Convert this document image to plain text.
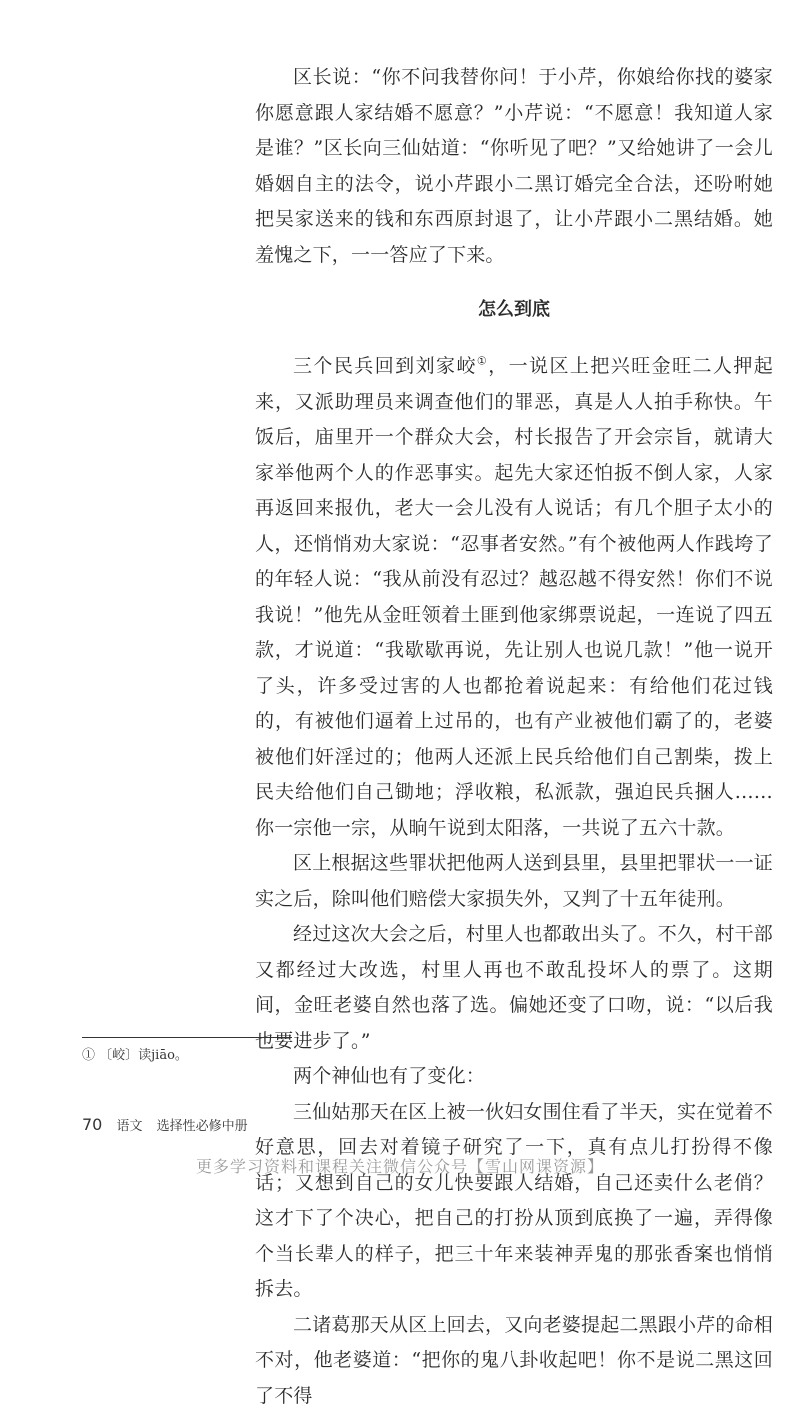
区长说：“你不问我替你问！于小芹，你娘给你找的婆家你愿意跟人家结婚不愿意？”小芹说：“不愿意！我知道人家是谁？”区长向三仙姑道：“你听见了吧？”又给她讲了一会儿婚姻自主的法令，说小芹跟小二黑订婚完全合法，还吩咐她把吴家送来的钱和东西原封退了，让小芹跟小二黑结婚。她羞愧之下，一一答应了下来。

怎么到底

三个民兵回到刘家峧①，一说区上把兴旺金旺二人押起来，又派助理员来调查他们的罪恶，真是人人拍手称快。午饭后，庙里开一个群众大会，村长报告了开会宗旨，就请大家举他两个人的作恶事实。起先大家还怕扳不倒人家，人家再返回来报仇，老大一会儿没有人说话；有几个胆子太小的人，还悄悄劝大家说：“忍事者安然。”有个被他两人作践垮了的年轻人说：“我从前没有忍过？越忍越不得安然！你们不说我说！”他先从金旺领着土匪到他家绑票说起，一连说了四五款，才说道：“我歇歇再说，先让别人也说几款！”他一说开了头，许多受过害的人也都抢着说起来：有给他们花过钱的，有被他们逼着上过吊的，也有产业被他们霸了的，老婆被他们奸淫过的；他两人还派上民兵给他们自己割柴，拨上民夫给他们自己锄地；浮收粮，私派款，强迫民兵捆人……你一宗他一宗，从晌午说到太阳落，一共说了五六十款。

区上根据这些罪状把他两人送到县里，县里把罪状一一证实之后，除叫他们赔偿大家损失外，又判了十五年徒刑。

经过这次大会之后，村里人也都敢出头了。不久，村干部又都经过大改选，村里人再也不敢乱投坏人的票了。这期间，金旺老婆自然也落了选。偏她还变了口吻，说：“以后我也要进步了。”

两个神仙也有了变化：

三仙姑那天在区上被一伙妇女围住看了半天，实在觉着不好意思，回去对着镜子研究了一下，真有点儿打扮得不像话；又想到自己的女儿快要跟人结婚，自己还卖什么老俏？这才下了个决心，把自己的打扮从顶到底换了一遍，弄得像个当长辈人的样子，把三十年来装神弄鬼的那张香案也悄悄拆去。

二诸葛那天从区上回去，又向老婆提起二黑跟小芹的命相不对，他老婆道：“把你的鬼八卦收起吧！你不是说二黑这回了不得

① 〔峧〕读jiāo。
70 语文 选择性必修中册
更多学习资料和课程关注微信公众号【雪山网课资源】
